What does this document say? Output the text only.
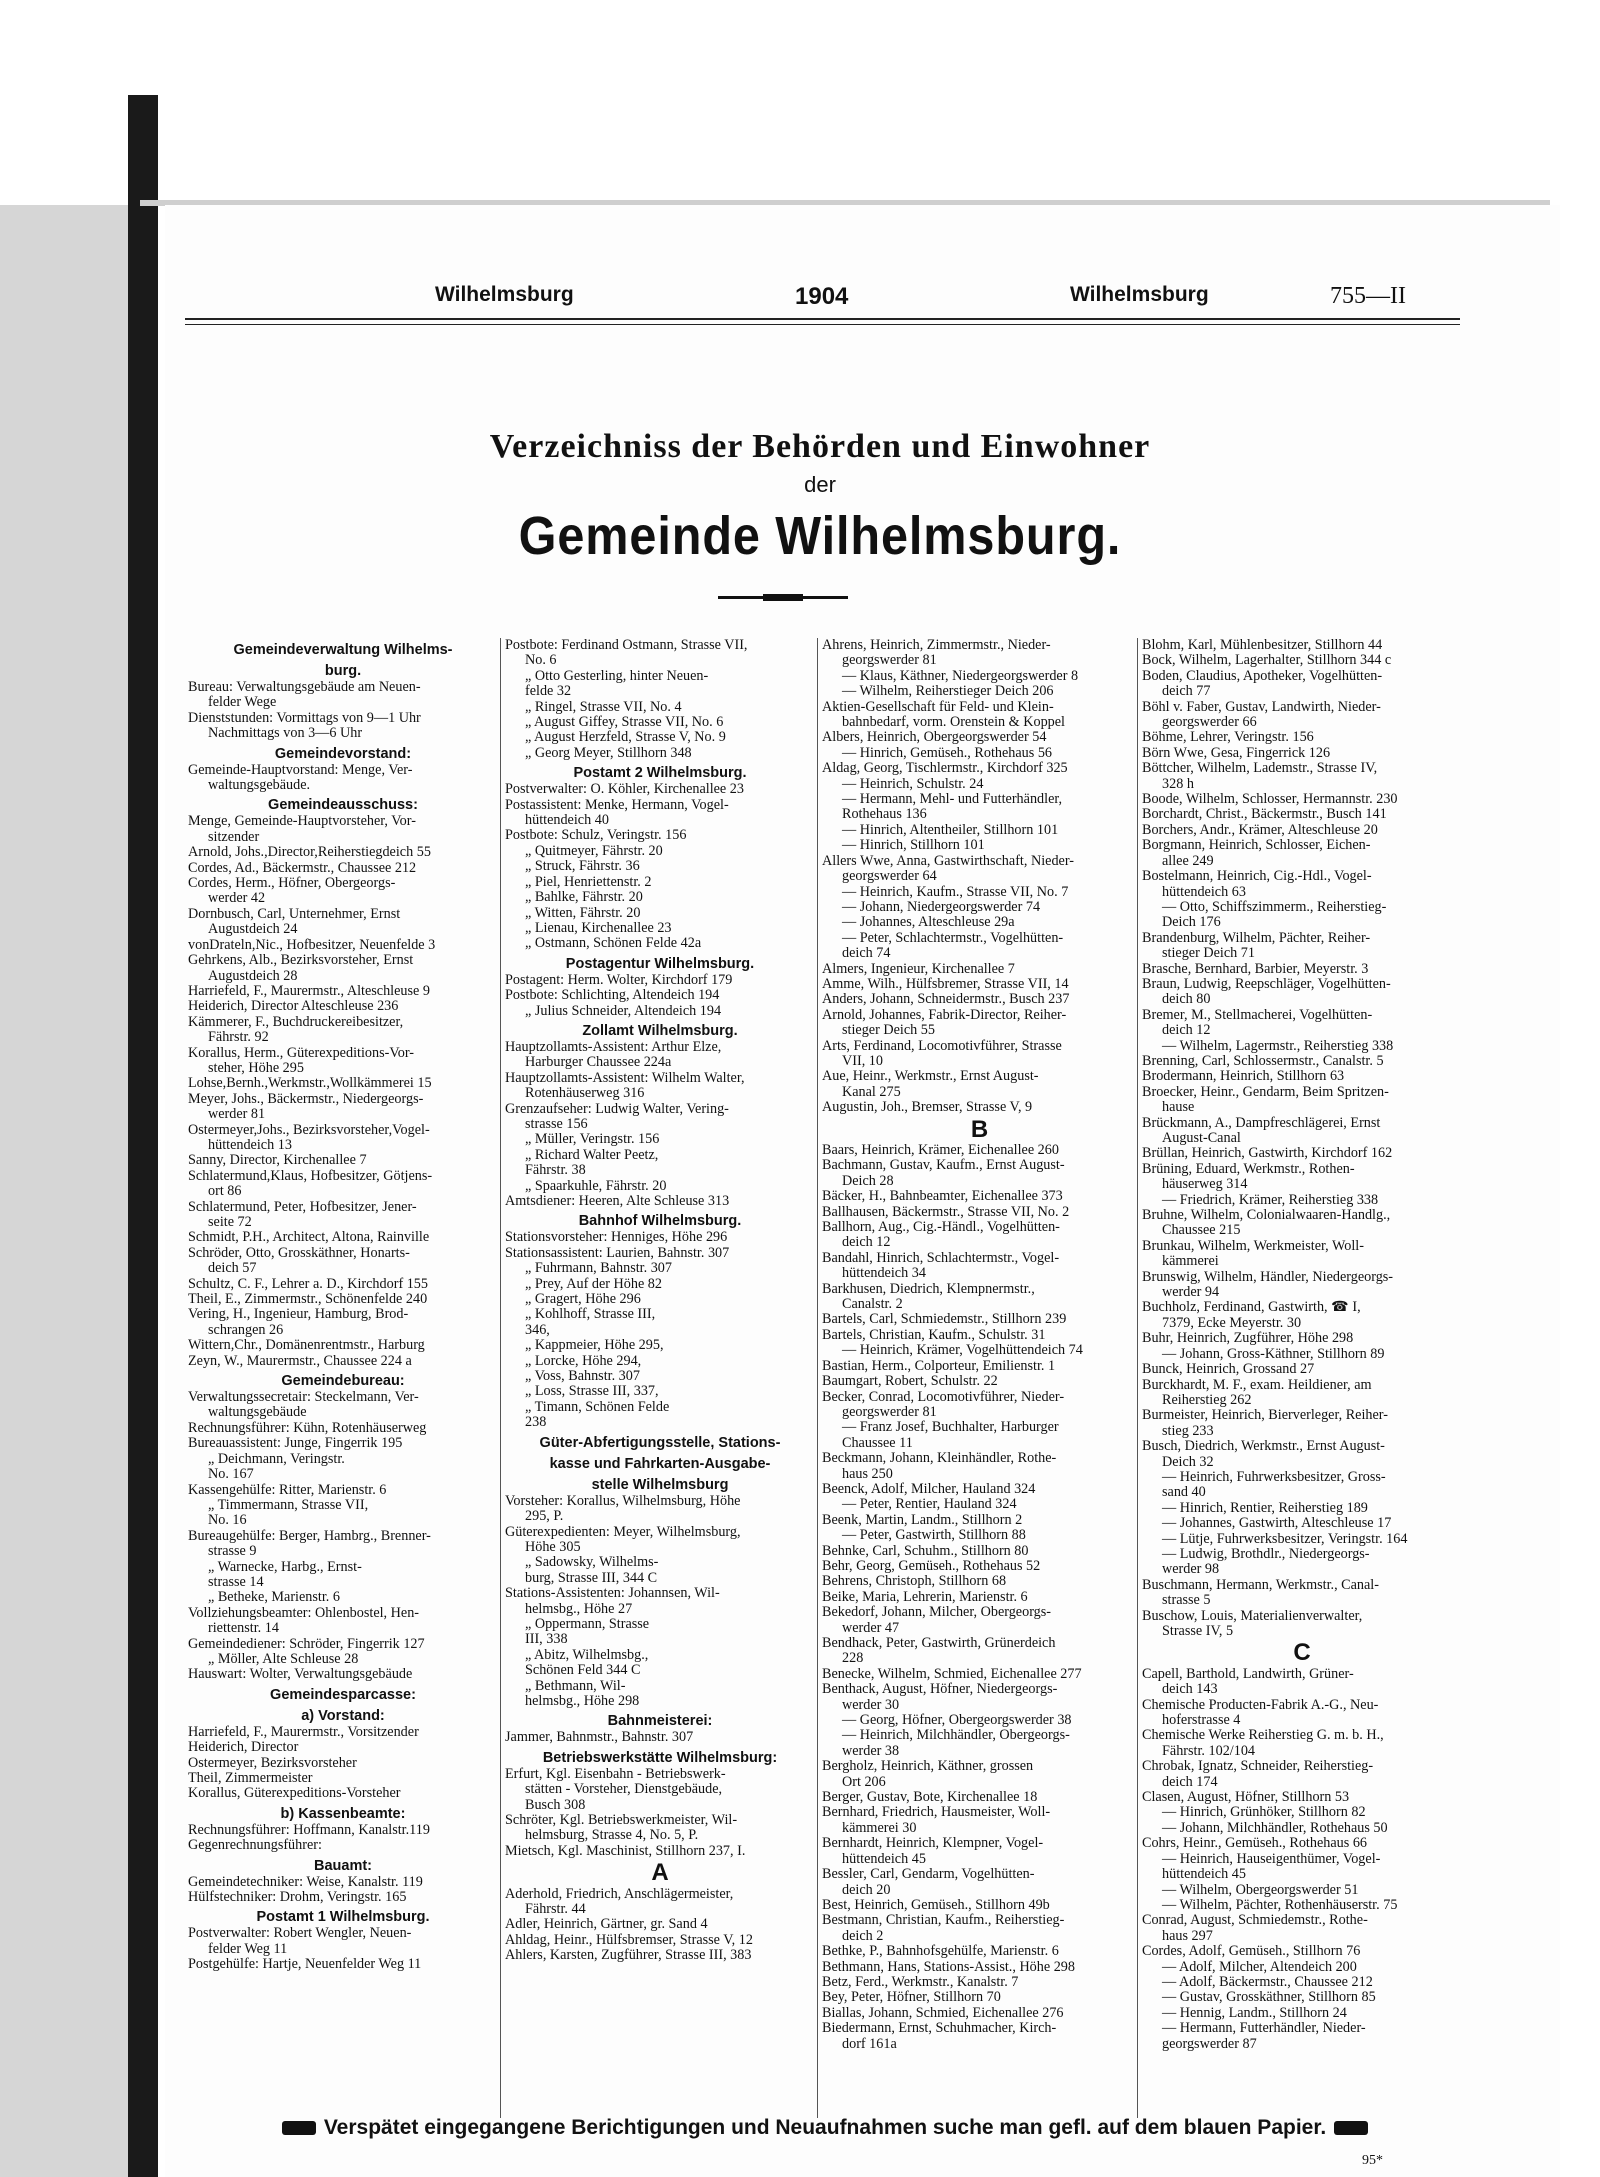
Wilhelmsburg	1904	Wilhelmsburg	755—II
Verzeichniss der Behörden und Einwohner
der
Gemeinde Wilhelmsburg.
Gemeindeverwaltung Wilhelms-
burg.
Bureau: Verwaltungsgebäude am Neuen-
felder Wege
Dienststunden: Vormittags von 9—1 Uhr
Nachmittags von 3—6 Uhr
Gemeindevorstand:
Gemeinde-Hauptvorstand: Menge, Ver-
waltungsgebäude.
Gemeindeausschuss:
Menge, Gemeinde-Hauptvorsteher, Vor-
sitzender
Arnold, Johs.,Director,Reiherstiegdeich 55
Cordes, Ad., Bäckermstr., Chaussee 212
Cordes, Herm., Höfner, Obergeorgs-
werder 42
Dornbusch, Carl, Unternehmer, Ernst
Augustdeich 24
vonDrateln,Nic., Hofbesitzer, Neuenfelde 3
Gehrkens, Alb., Bezirksvorsteher, Ernst
Augustdeich 28
Harriefeld, F., Maurermstr., Alteschleuse 9
Heiderich, Director Alteschleuse 236
Kämmerer, F., Buchdruckereibesitzer,
Fährstr. 92
Korallus, Herm., Güterexpeditions-Vor-
steher, Höhe 295
Lohse,Bernh.,Werkmstr.,Wollkämmerei 15
Meyer, Johs., Bäckermstr., Niedergeorgs-
werder 81
Ostermeyer,Johs., Bezirksvorsteher,Vogel-
hüttendeich 13
Sanny, Director, Kirchenallee 7
Schlatermund,Klaus, Hofbesitzer, Götjens-
ort 86
Schlatermund, Peter, Hofbesitzer, Jener-
seite 72
Schmidt, P.H., Architect, Altona, Rainville
Schröder, Otto, Grosskäthner, Honarts-
deich 57
Schultz, C. F., Lehrer a. D., Kirchdorf 155
Theil, E., Zimmermstr., Schönenfelde 240
Vering, H., Ingenieur, Hamburg, Brod-
schrangen 26
Wittern,Chr., Domänenrentmstr., Harburg
Zeyn, W., Maurermstr., Chaussee 224 a
Gemeindebureau:
Verwaltungssecretair: Steckelmann, Ver-
waltungsgebäude
Rechnungsführer: Kühn, Rotenhäuserweg
Bureauassistent: Junge, Fingerrik 195
„ Deichmann, Veringstr.
No. 167
Kassengehülfe: Ritter, Marienstr. 6
„ Timmermann, Strasse VII,
No. 16
Bureaugehülfe: Berger, Hambrg., Brenner-
strasse 9
„ Warnecke, Harbg., Ernst-
strasse 14
„ Betheke, Marienstr. 6
Vollziehungsbeamter: Ohlenbostel, Hen-
riettenstr. 14
Gemeindediener: Schröder, Fingerrik 127
„ Möller, Alte Schleuse 28
Hauswart: Wolter, Verwaltungsgebäude
Gemeindesparcasse:
a) Vorstand:
Harriefeld, F., Maurermstr., Vorsitzender
Heiderich, Director
Ostermeyer, Bezirksvorsteher
Theil, Zimmermeister
Korallus, Güterexpeditions-Vorsteher
b) Kassenbeamte:
Rechnungsführer: Hoffmann, Kanalstr.119
Gegenrechnungsführer:
Bauamt:
Gemeindetechniker: Weise, Kanalstr. 119
Hülfstechniker: Drohm, Veringstr. 165
Postamt 1 Wilhelmsburg.
Postverwalter: Robert Wengler, Neuen-
felder Weg 11
Postgehülfe: Hartje, Neuenfelder Weg 11
Postbote: Ferdinand Ostmann, Strasse VII,
No. 6
„ Otto Gesterling, hinter Neuen-
felde 32
„ Ringel, Strasse VII, No. 4
„ August Giffey, Strasse VII, No. 6
„ August Herzfeld, Strasse V, No. 9
„ Georg Meyer, Stillhorn 348
Postamt 2 Wilhelmsburg.
Postverwalter: O. Köhler, Kirchenallee 23
Postassistent: Menke, Hermann, Vogel-
hüttendeich 40
Postbote: Schulz, Veringstr. 156
„ Quitmeyer, Fährstr. 20
„ Struck, Fährstr. 36
„ Piel, Henriettenstr. 2
„ Bahlke, Fährstr. 20
„ Witten, Fährstr. 20
„ Lienau, Kirchenallee 23
„ Ostmann, Schönen Felde 42a
Postagentur Wilhelmsburg.
Postagent: Herm. Wolter, Kirchdorf 179
Postbote: Schlichting, Altendeich 194
„ Julius Schneider, Altendeich 194
Zollamt Wilhelmsburg.
Hauptzollamts-Assistent: Arthur Elze,
Harburger Chaussee 224a
Hauptzollamts-Assistent: Wilhelm Walter,
Rotenhäuserweg 316
Grenzaufseher: Ludwig Walter, Vering-
strasse 156
„ Müller, Veringstr. 156
„ Richard Walter Peetz,
Fährstr. 38
„ Spaarkuhle, Fährstr. 20
Amtsdiener: Heeren, Alte Schleuse 313
Bahnhof Wilhelmsburg.
Stationsvorsteher: Henniges, Höhe 296
Stationsassistent: Laurien, Bahnstr. 307
„ Fuhrmann, Bahnstr. 307
„ Prey, Auf der Höhe 82
„ Gragert, Höhe 296
„ Kohlhoff, Strasse III,
346,
„ Kappmeier, Höhe 295,
„ Lorcke, Höhe 294,
„ Voss, Bahnstr. 307
„ Loss, Strasse III, 337,
„ Timann, Schönen Felde
238
Güter-Abfertigungsstelle, Stations-
kasse und Fahrkarten-Ausgabe-
stelle Wilhelmsburg
Vorsteher: Korallus, Wilhelmsburg, Höhe
295, P.
Güterexpedienten: Meyer, Wilhelmsburg,
Höhe 305
„ Sadowsky, Wilhelms-
burg, Strasse III, 344 C
Stations-Assistenten: Johannsen, Wil-
helmsbg., Höhe 27
„ Oppermann, Strasse
III, 338
„ Abitz, Wilhelmsbg.,
Schönen Feld 344 C
„ Bethmann, Wil-
helmsbg., Höhe 298
Bahnmeisterei:
Jammer, Bahnmstr., Bahnstr. 307
Betriebswerkstätte Wilhelmsburg:
Erfurt, Kgl. Eisenbahn - Betriebswerk-
stätten - Vorsteher, Dienstgebäude,
Busch 308
Schröter, Kgl. Betriebswerkmeister, Wil-
helmsburg, Strasse 4, No. 5, P.
Mietsch, Kgl. Maschinist, Stillhorn 237, I.
A
Aderhold, Friedrich, Anschlägermeister,
Fährstr. 44
Adler, Heinrich, Gärtner, gr. Sand 4
Ahldag, Heinr., Hülfsbremser, Strasse V, 12
Ahlers, Karsten, Zugführer, Strasse III, 383
Ahrens, Heinrich, Zimmermstr., Nieder-
georgswerder 81
— Klaus, Käthner, Niedergeorgswerder 8
— Wilhelm, Reiherstieger Deich 206
Aktien-Gesellschaft für Feld- und Klein-
bahnbedarf, vorm. Orenstein & Koppel
Albers, Heinrich, Obergeorgswerder 54
— Hinrich, Gemüseh., Rothehaus 56
Aldag, Georg, Tischlermstr., Kirchdorf 325
— Heinrich, Schulstr. 24
— Hermann, Mehl- und Futterhändler,
Rothehaus 136
— Hinrich, Altentheiler, Stillhorn 101
— Hinrich, Stillhorn 101
Allers Wwe, Anna, Gastwirthschaft, Nieder-
georgswerder 64
— Heinrich, Kaufm., Strasse VII, No. 7
— Johann, Niedergeorgswerder 74
— Johannes, Alteschleuse 29a
— Peter, Schlachtermstr., Vogelhütten-
deich 74
Almers, Ingenieur, Kirchenallee 7
Amme, Wilh., Hülfsbremer, Strasse VII, 14
Anders, Johann, Schneidermstr., Busch 237
Arnold, Johannes, Fabrik-Director, Reiher-
stieger Deich 55
Arts, Ferdinand, Locomotivführer, Strasse
VII, 10
Aue, Heinr., Werkmstr., Ernst August-
Kanal 275
Augustin, Joh., Bremser, Strasse V, 9
B
Baars, Heinrich, Krämer, Eichenallee 260
Bachmann, Gustav, Kaufm., Ernst August-
Deich 28
Bäcker, H., Bahnbeamter, Eichenallee 373
Ballhausen, Bäckermstr., Strasse VII, No. 2
Ballhorn, Aug., Cig.-Händl., Vogelhütten-
deich 12
Bandahl, Hinrich, Schlachtermstr., Vogel-
hüttendeich 34
Barkhusen, Diedrich, Klempnermstr.,
Canalstr. 2
Bartels, Carl, Schmiedemstr., Stillhorn 239
Bartels, Christian, Kaufm., Schulstr. 31
— Heinrich, Krämer, Vogelhüttendeich 74
Bastian, Herm., Colporteur, Emilienstr. 1
Baumgart, Robert, Schulstr. 22
Becker, Conrad, Locomotivführer, Nieder-
georgswerder 81
— Franz Josef, Buchhalter, Harburger
Chaussee 11
Beckmann, Johann, Kleinhändler, Rothe-
haus 250
Beenck, Adolf, Milcher, Hauland 324
— Peter, Rentier, Hauland 324
Beenk, Martin, Landm., Stillhorn 2
— Peter, Gastwirth, Stillhorn 88
Behnke, Carl, Schuhm., Stillhorn 80
Behr, Georg, Gemüseh., Rothehaus 52
Behrens, Christoph, Stillhorn 68
Beike, Maria, Lehrerin, Marienstr. 6
Bekedorf, Johann, Milcher, Obergeorgs-
werder 47
Bendhack, Peter, Gastwirth, Grünerdeich
228
Benecke, Wilhelm, Schmied, Eichenallee 277
Benthack, August, Höfner, Niedergeorgs-
werder 30
— Georg, Höfner, Obergeorgswerder 38
— Heinrich, Milchhändler, Obergeorgs-
werder 38
Bergholz, Heinrich, Käthner, grossen
Ort 206
Berger, Gustav, Bote, Kirchenallee 18
Bernhard, Friedrich, Hausmeister, Woll-
kämmerei 30
Bernhardt, Heinrich, Klempner, Vogel-
hüttendeich 45
Bessler, Carl, Gendarm, Vogelhütten-
deich 20
Best, Heinrich, Gemüseh., Stillhorn 49b
Bestmann, Christian, Kaufm., Reiherstieg-
deich 2
Bethke, P., Bahnhofsgehülfe, Marienstr. 6
Bethmann, Hans, Stations-Assist., Höhe 298
Betz, Ferd., Werkmstr., Kanalstr. 7
Bey, Peter, Höfner, Stillhorn 70
Biallas, Johann, Schmied, Eichenallee 276
Biedermann, Ernst, Schuhmacher, Kirch-
dorf 161a
Blohm, Karl, Mühlenbesitzer, Stillhorn 44
Bock, Wilhelm, Lagerhalter, Stillhorn 344 c
Boden, Claudius, Apotheker, Vogelhütten-
deich 77
Böhl v. Faber, Gustav, Landwirth, Nieder-
georgswerder 66
Böhme, Lehrer, Veringstr. 156
Börn Wwe, Gesa, Fingerrick 126
Böttcher, Wilhelm, Lademstr., Strasse IV,
328 h
Boode, Wilhelm, Schlosser, Hermannstr. 230
Borchardt, Christ., Bäckermstr., Busch 141
Borchers, Andr., Krämer, Alteschleuse 20
Borgmann, Heinrich, Schlosser, Eichen-
allee 249
Bostelmann, Heinrich, Cig.-Hdl., Vogel-
hüttendeich 63
— Otto, Schiffszimmerm., Reiherstieg-
Deich 176
Brandenburg, Wilhelm, Pächter, Reiher-
stieger Deich 71
Brasche, Bernhard, Barbier, Meyerstr. 3
Braun, Ludwig, Reepschläger, Vogelhütten-
deich 80
Bremer, M., Stellmacherei, Vogelhütten-
deich 12
— Wilhelm, Lagermstr., Reiherstieg 338
Brenning, Carl, Schlossermstr., Canalstr. 5
Brodermann, Heinrich, Stillhorn 63
Broecker, Heinr., Gendarm, Beim Spritzen-
hause
Brückmann, A., Dampfreschlägerei, Ernst
August-Canal
Brüllan, Heinrich, Gastwirth, Kirchdorf 162
Brüning, Eduard, Werkmstr., Rothen-
häuserweg 314
— Friedrich, Krämer, Reiherstieg 338
Bruhne, Wilhelm, Colonialwaaren-Handlg.,
Chaussee 215
Brunkau, Wilhelm, Werkmeister, Woll-
kämmerei
Brunswig, Wilhelm, Händler, Niedergeorgs-
werder 94
Buchholz, Ferdinand, Gastwirth, ☎ I,
7379, Ecke Meyerstr. 30
Buhr, Heinrich, Zugführer, Höhe 298
— Johann, Gross-Käthner, Stillhorn 89
Bunck, Heinrich, Grossand 27
Burckhardt, M. F., exam. Heildiener, am
Reiherstieg 262
Burmeister, Heinrich, Bierverleger, Reiher-
stieg 233
Busch, Diedrich, Werkmstr., Ernst August-
Deich 32
— Heinrich, Fuhrwerksbesitzer, Gross-
sand 40
— Hinrich, Rentier, Reiherstieg 189
— Johannes, Gastwirth, Alteschleuse 17
— Lütje, Fuhrwerksbesitzer, Veringstr. 164
— Ludwig, Brothdlr., Niedergeorgs-
werder 98
Buschmann, Hermann, Werkmstr., Canal-
strasse 5
Buschow, Louis, Materialienverwalter,
Strasse IV, 5
C
Capell, Barthold, Landwirth, Grüner-
deich 143
Chemische Producten-Fabrik A.-G., Neu-
hoferstrasse 4
Chemische Werke Reiherstieg G. m. b. H.,
Fährstr. 102/104
Chrobak, Ignatz, Schneider, Reiherstieg-
deich 174
Clasen, August, Höfner, Stillhorn 53
— Hinrich, Grünhöker, Stillhorn 82
— Johann, Milchhändler, Rothehaus 50
Cohrs, Heinr., Gemüseh., Rothehaus 66
— Heinrich, Hauseigenthümer, Vogel-
hüttendeich 45
— Wilhelm, Obergeorgswerder 51
— Wilhelm, Pächter, Rothenhäuserstr. 75
Conrad, August, Schmiedemstr., Rothe-
haus 297
Cordes, Adolf, Gemüseh., Stillhorn 76
— Adolf, Milcher, Altendeich 200
— Adolf, Bäckermstr., Chaussee 212
— Gustav, Grosskäthner, Stillhorn 85
— Hennig, Landm., Stillhorn 24
— Hermann, Futterhändler, Nieder-
georgswerder 87
Verspätet eingegangene Berichtigungen und Neuaufnahmen suche man gefl. auf dem blauen Papier.
95*
